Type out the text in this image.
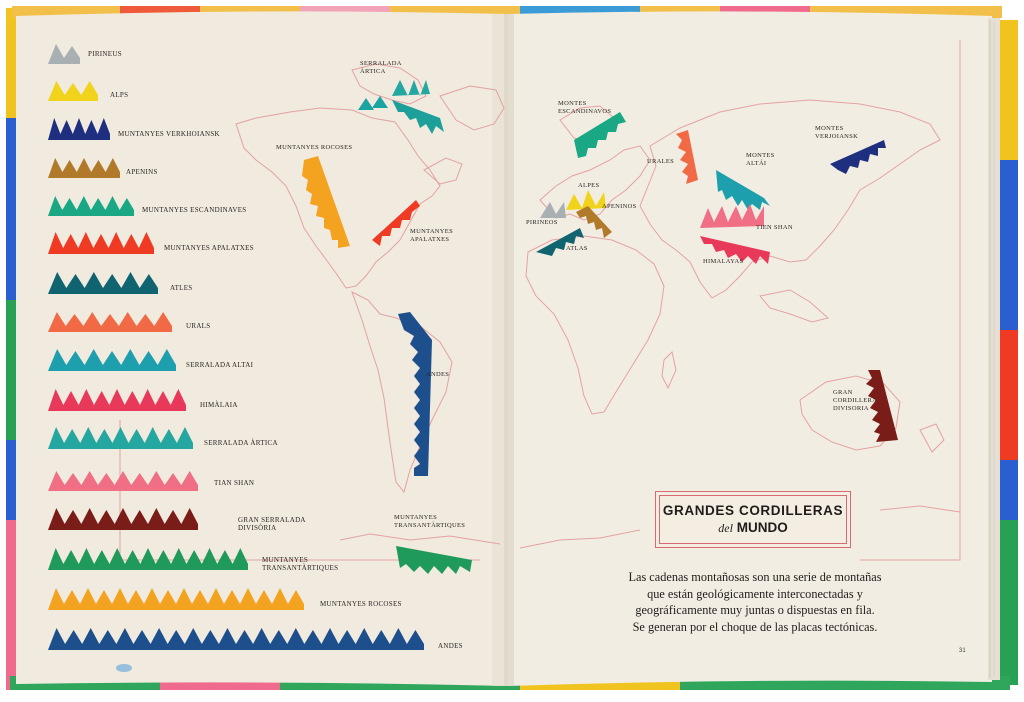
PIRINEUS
ALPS
MUNTANYES VERKHOIANSK
APENINS
MUNTANYES ESCANDINAVES
MUNTANYES APALATXES
ATLES
URALS
SERRALADA ALTAI
HIMÀLAIA
SERRALADA ÀRTICA
TIAN SHAN
GRAN SERRALADA DIVISÒRIA
MUNTANYES TRANSANTÀRTIQUES
MUNTANYES ROCOSES
ANDES
SERRALADA
ÀRTICA
MUNTANYES ROCOSES
MUNTANYES
APALATXES
ANDES
MUNTANYES
TRANSANTÀRTIQUES
MONTES
ESCANDINAVOS
URALES
MONTES
ALTÁI
MONTES
VERJOIANSK
ALPES
APENINOS
PIRINEOS
ATLAS
TIEN SHAN
HIMALAYAS
GRAN
CORDILLERA
DIVISORIA
GRANDES CORDILLERAS
del MUNDO
Las cadenas montañosas son una serie de montañas
que están geológicamente interconectadas y
geográficamente muy juntas o dispuestas en fila.
Se generan por el choque de las placas tectónicas.
31
